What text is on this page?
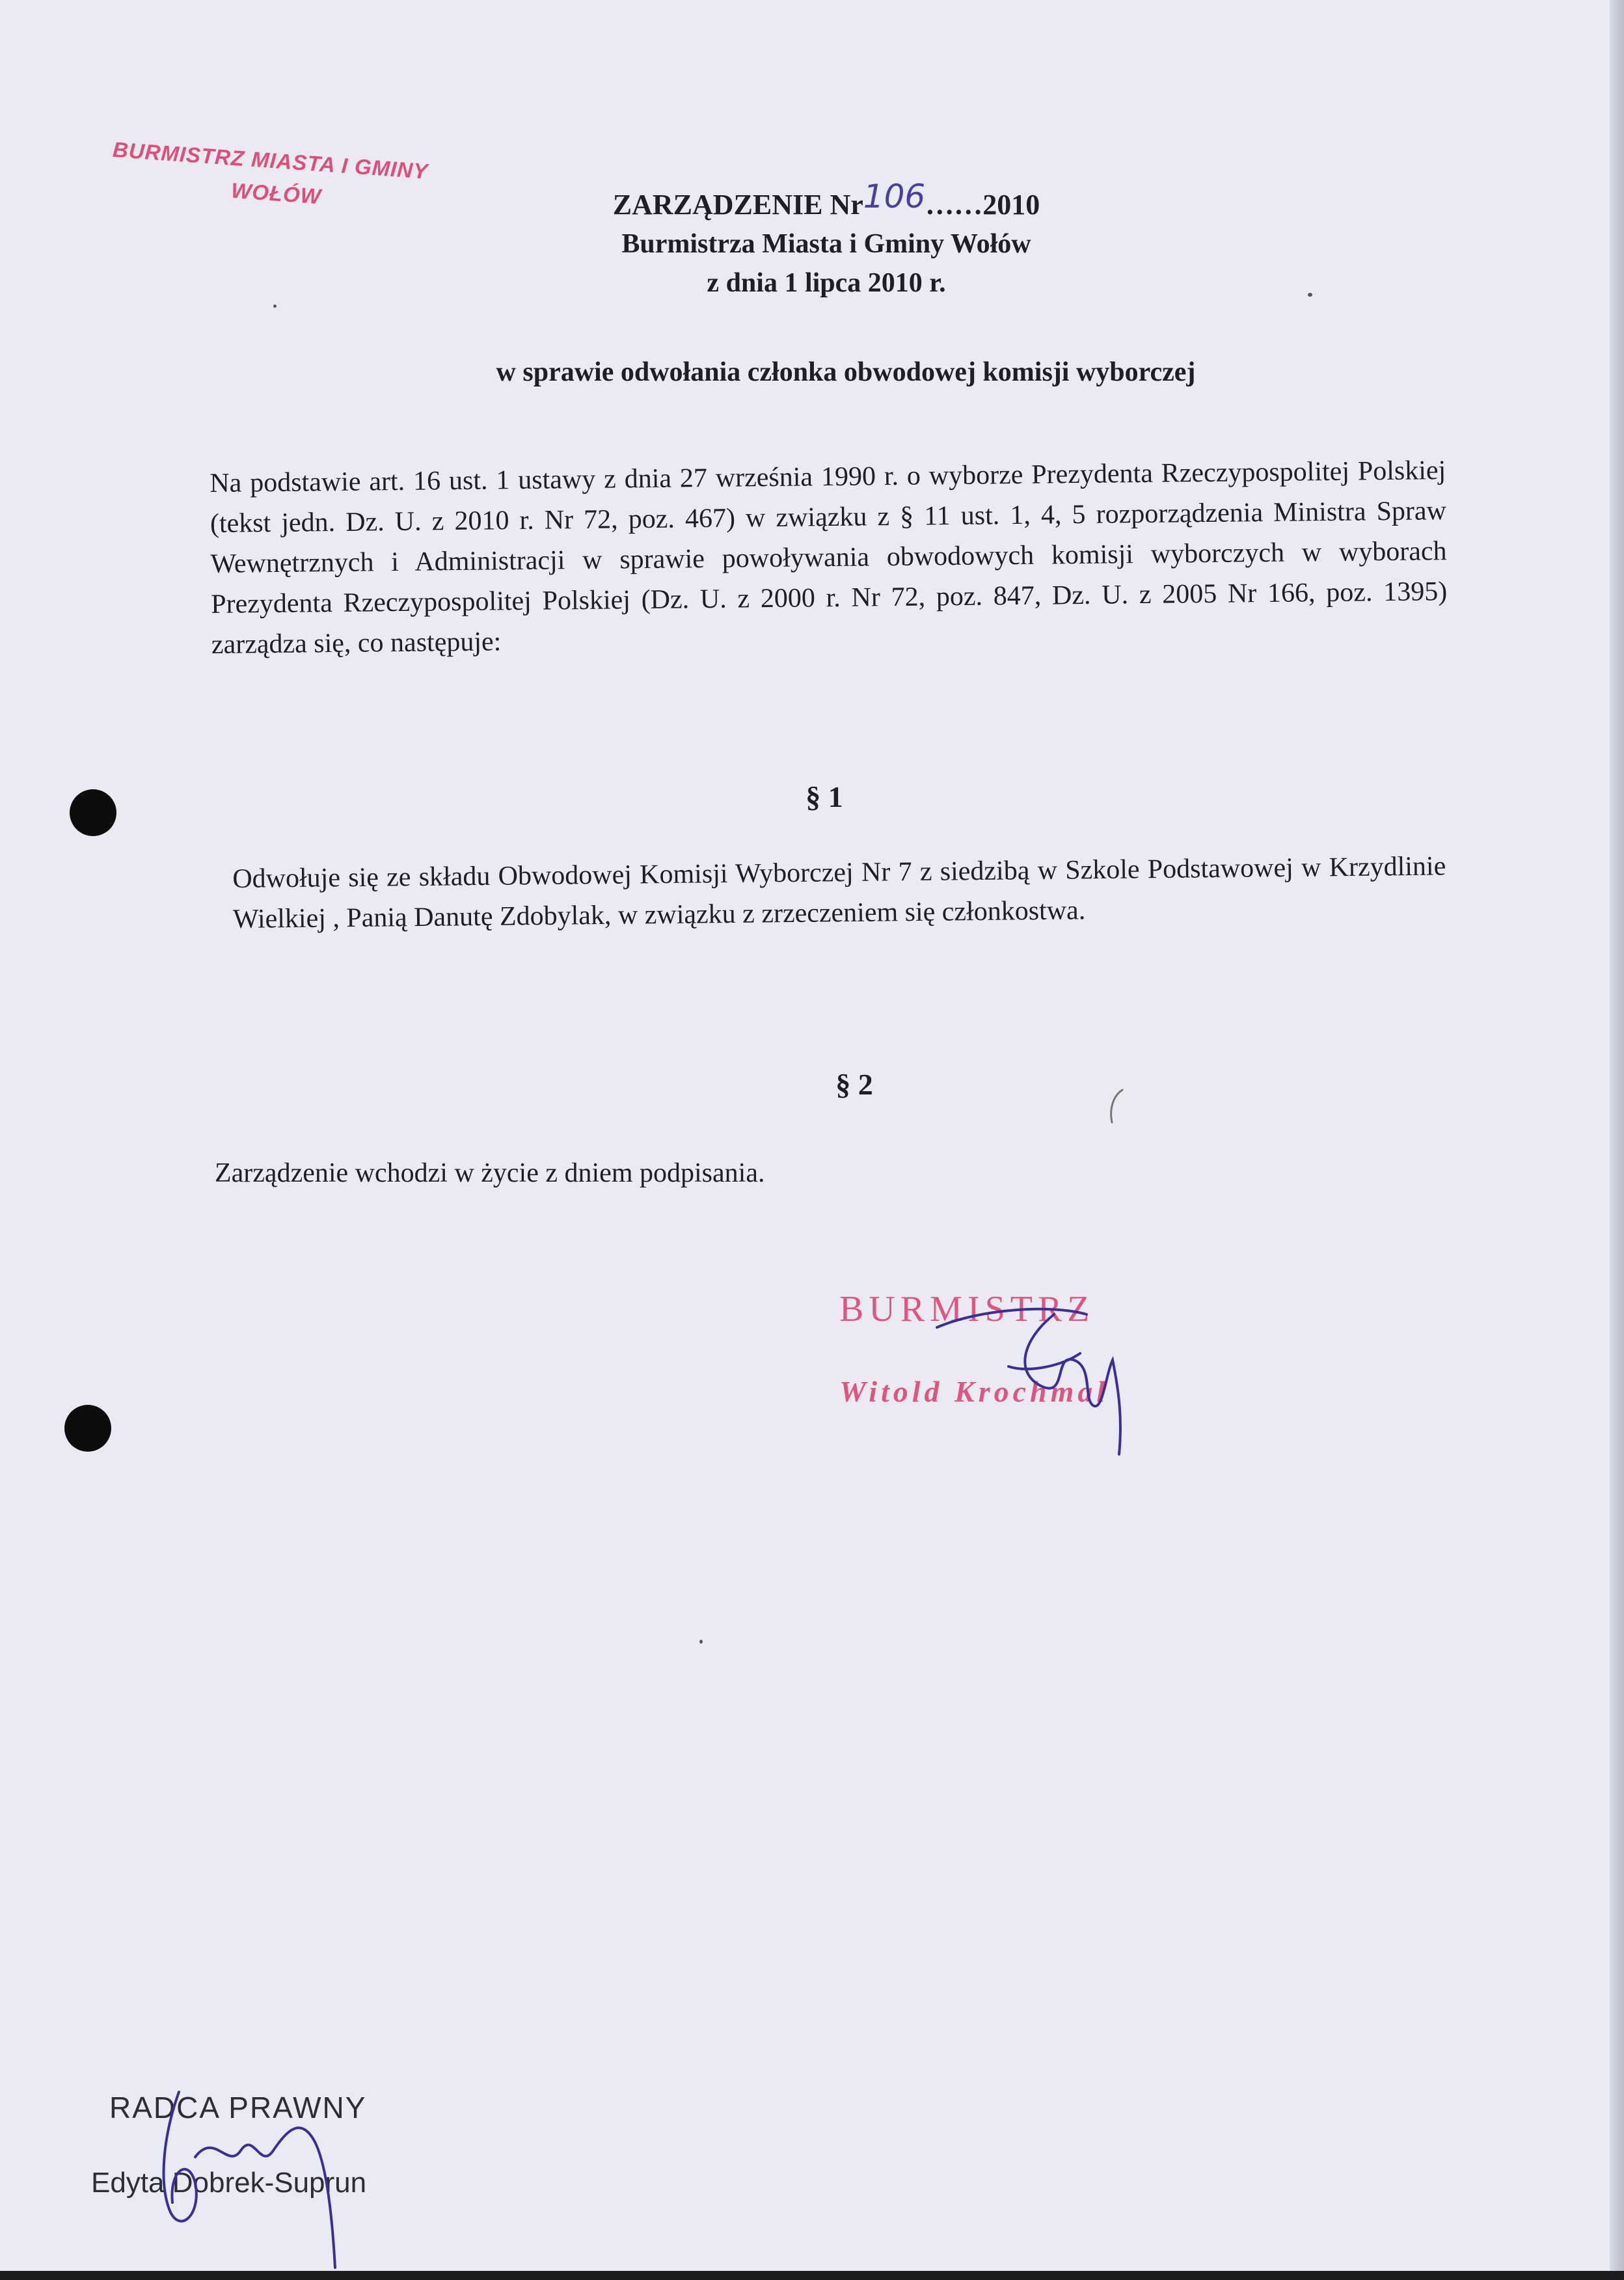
BURMISTRZ MIASTA I GMINY
WOŁÓW	ZARZĄDZENIE Nr106……2010
Burmistrza Miasta i Gminy Wołów
z dnia 1 lipca 2010 r.
w sprawie odwołania członka obwodowej komisji wyborczej
Na podstawie art. 16 ust. 1 ustawy z dnia 27 września 1990 r. o wyborze Prezydenta Rzeczypospolitej Polskiej (tekst jedn. Dz. U. z 2010 r. Nr 72, poz. 467) w związku z § 11 ust. 1, 4, 5 rozporządzenia Ministra Spraw Wewnętrznych i Administracji w sprawie powoływania obwodowych komisji wyborczych w wyborach Prezydenta Rzeczypospolitej Polskiej (Dz. U. z 2000 r. Nr 72, poz. 847, Dz. U. z 2005 Nr 166, poz. 1395) zarządza się, co następuje:
§ 1
Odwołuje się ze składu Obwodowej Komisji Wyborczej Nr 7 z siedzibą w Szkole Podstawowej w Krzydlinie Wielkiej , Panią Danutę Zdobylak, w związku z zrzeczeniem się członkostwa.
§ 2
Zarządzenie wchodzi w życie z dniem podpisania.
BURMISTRZ
Witold Krochmal
RADCA PRAWNY
Edyta Dobrek-Suprun
